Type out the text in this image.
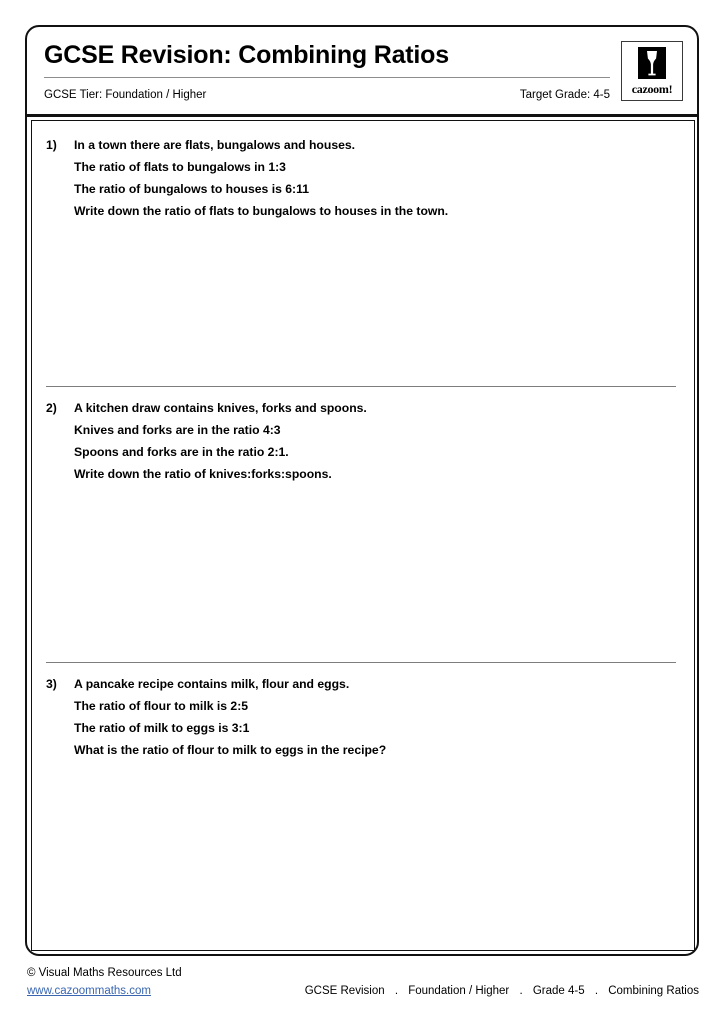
GCSE Revision: Combining Ratios
GCSE Tier: Foundation / Higher	Target Grade: 4-5	cazoom!
1)	In a town there are flats, bungalows and houses.
The ratio of flats to bungalows in 1:3
The ratio of bungalows to houses is 6:11
Write down the ratio of flats to bungalows to houses in the town.
2)	A kitchen draw contains knives, forks and spoons.
Knives and forks are in the ratio 4:3
Spoons and forks are in the ratio 2:1.
Write down the ratio of knives:forks:spoons.
3)	A pancake recipe contains milk, flour and eggs.
The ratio of flour to milk is 2:5
The ratio of milk to eggs is 3:1
What is the ratio of flour to milk to eggs in the recipe?
© Visual Maths Resources Ltd
www.cazoommaths.com	GCSE Revision . Foundation / Higher . Grade 4-5 . Combining Ratios
